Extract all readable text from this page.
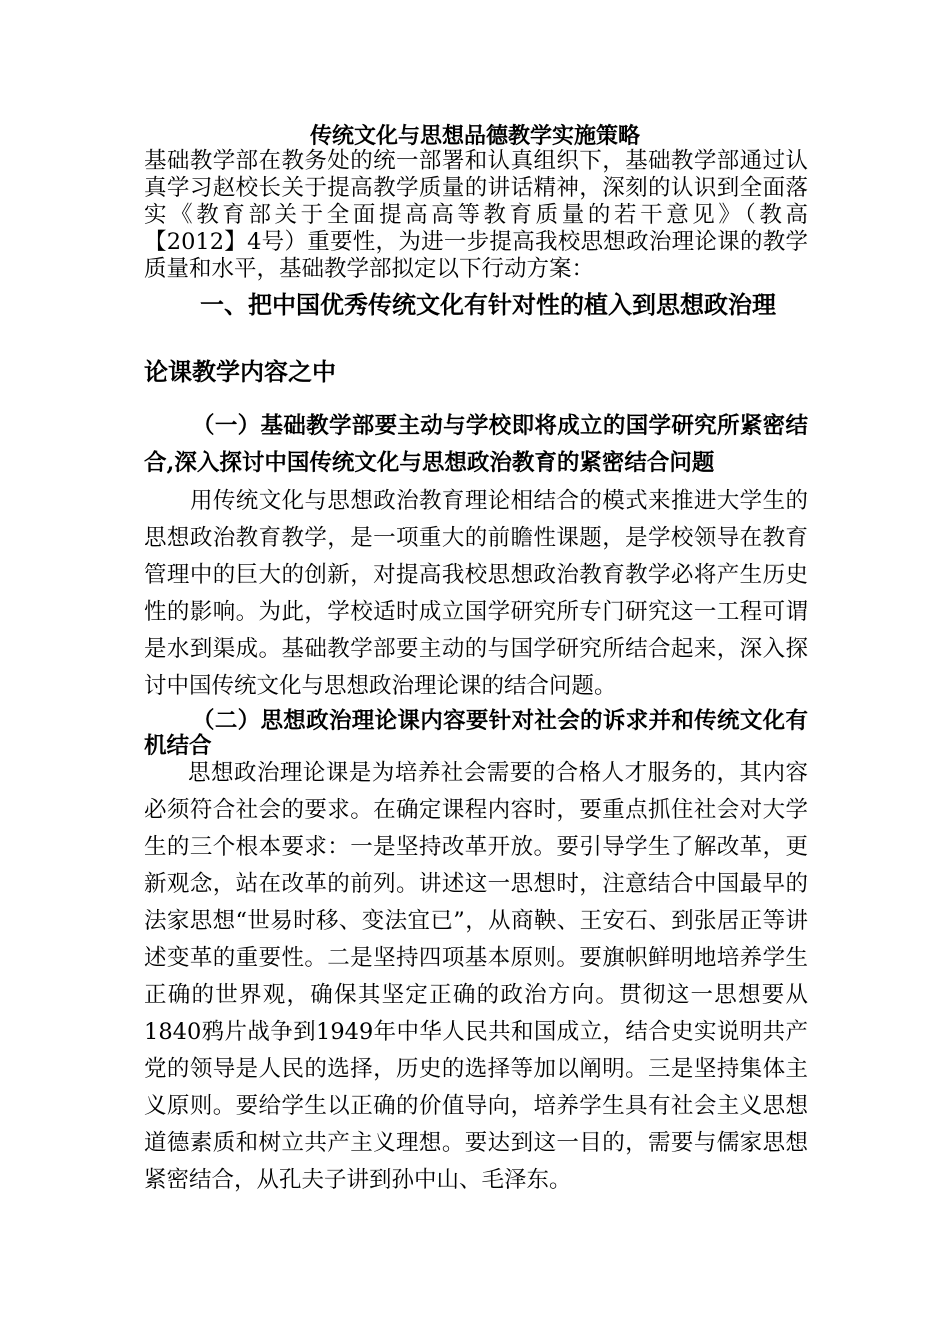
传统文化与思想品德教学实施策略
基础教学部在教务处的统一部署和认真组织下，基础教学部通过认真学习赵校长关于提高教学质量的讲话精神，深刻的认识到全面落实《教育部关于全面提高高等教育质量的若干意见》（教高【2012】4号）重要性，为进一步提高我校思想政治理论课的教学质量和水平，基础教学部拟定以下行动方案：
一、把中国优秀传统文化有针对性的植入到思想政治理
论课教学内容之中
（一）基础教学部要主动与学校即将成立的国学研究所紧密结合,深入探讨中国传统文化与思想政治教育的紧密结合问题
用传统文化与思想政治教育理论相结合的模式来推进大学生的思想政治教育教学，是一项重大的前瞻性课题，是学校领导在教育管理中的巨大的创新，对提高我校思想政治教育教学必将产生历史性的影响。为此，学校适时成立国学研究所专门研究这一工程可谓是水到渠成。基础教学部要主动的与国学研究所结合起来，深入探讨中国传统文化与思想政治理论课的结合问题。
（二）思想政治理论课内容要针对社会的诉求并和传统文化有机结合
思想政治理论课是为培养社会需要的合格人才服务的，其内容必须符合社会的要求。在确定课程内容时，要重点抓住社会对大学生的三个根本要求：一是坚持改革开放。要引导学生了解改革，更新观念，站在改革的前列。讲述这一思想时，注意结合中国最早的法家思想“世易时移、变法宜已”，从商鞅、王安石、到张居正等讲述变革的重要性。二是坚持四项基本原则。要旗帜鲜明地培养学生正确的世界观，确保其坚定正确的政治方向。贯彻这一思想要从1840鸦片战争到1949年中华人民共和国成立，结合史实说明共产党的领导是人民的选择，历史的选择等加以阐明。三是坚持集体主义原则。要给学生以正确的价值导向，培养学生具有社会主义思想道德素质和树立共产主义理想。要达到这一目的，需要与儒家思想紧密结合，从孔夫子讲到孙中山、毛泽东。
